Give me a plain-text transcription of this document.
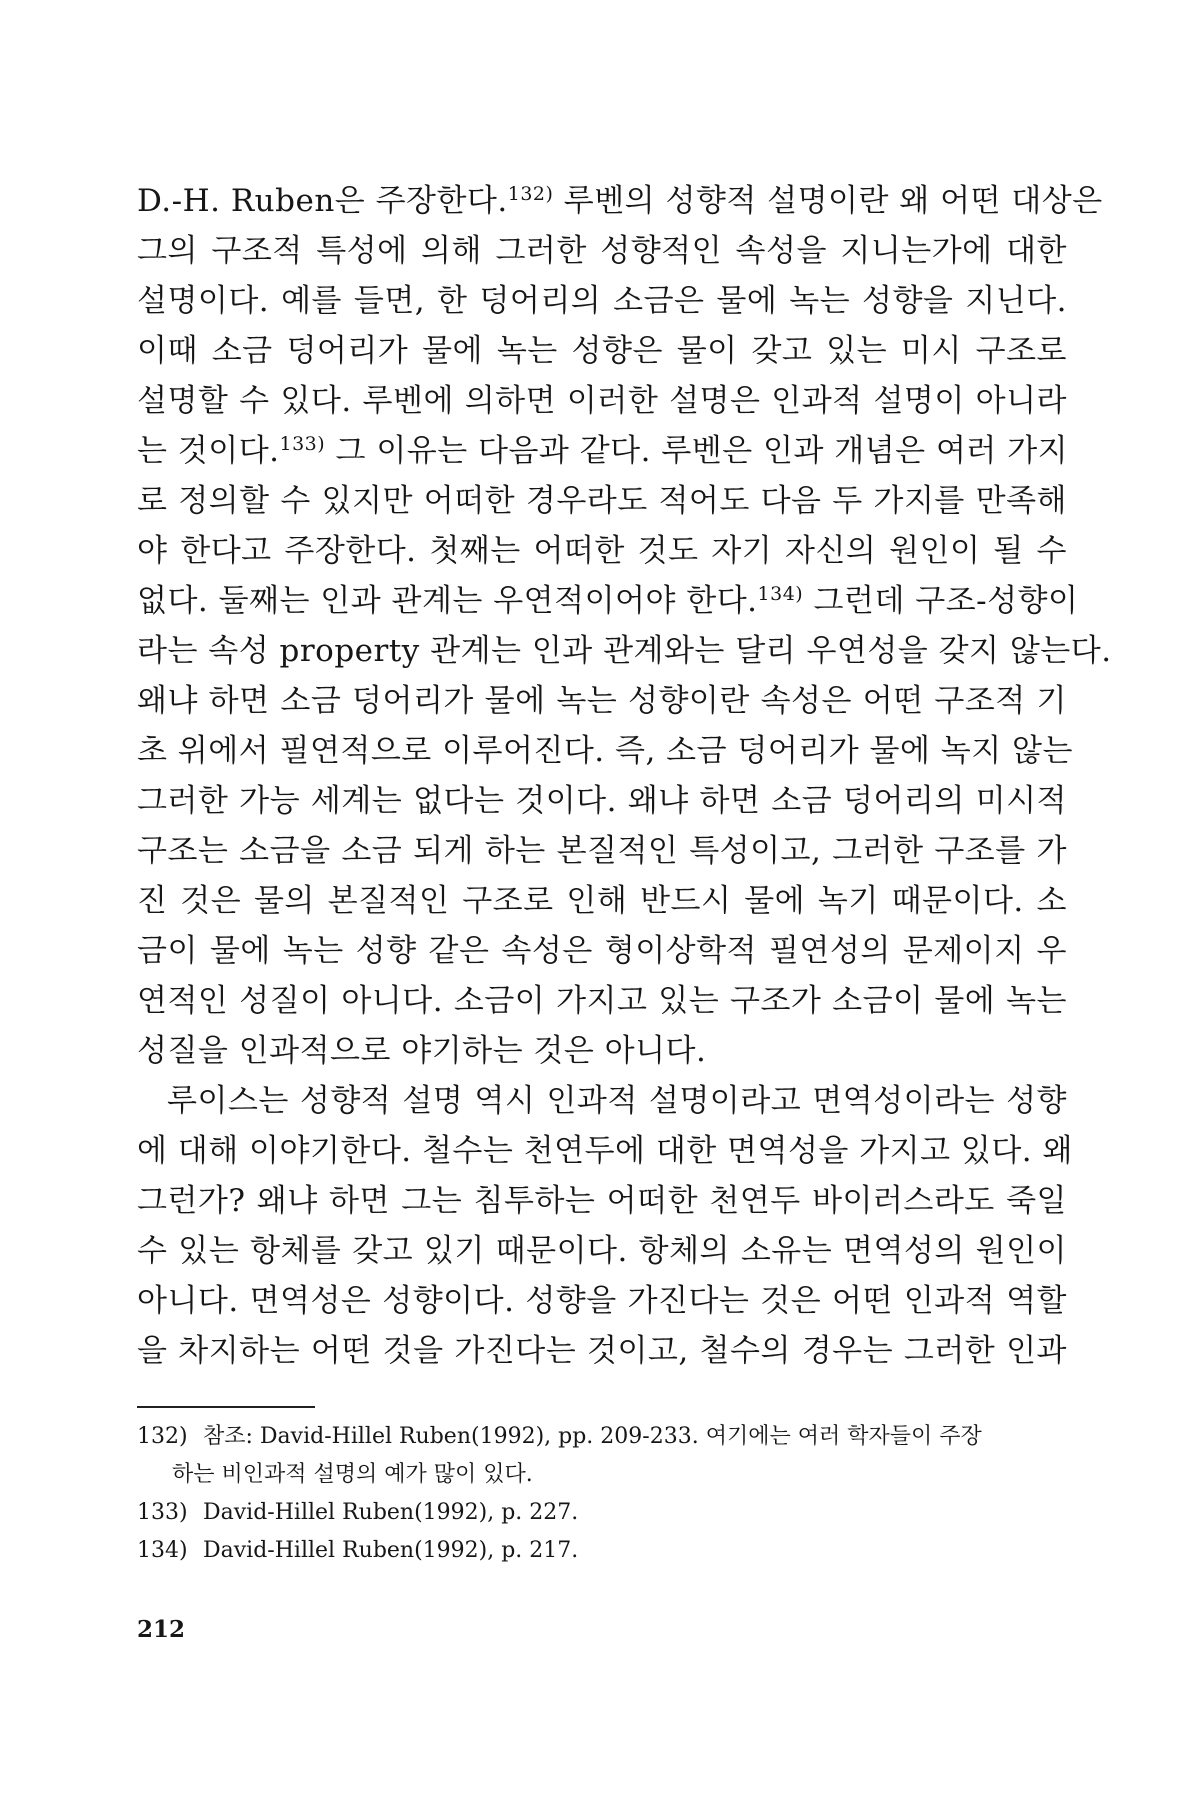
D.-H. Ruben은 주장한다.$^{132)}$ 루벤의 성향적 설명이란 왜 어떤 대상은
그의 구조적 특성에 의해 그러한 성향적인 속성을 지니는가에 대한
설명이다. 예를 들면, 한 덩어리의 소금은 물에 녹는 성향을 지닌다.
이때 소금 덩어리가 물에 녹는 성향은 물이 갖고 있는 미시 구조로
설명할 수 있다. 루벤에 의하면 이러한 설명은 인과적 설명이 아니라
는 것이다.$^{133)}$ 그 이유는 다음과 같다. 루벤은 인과 개념은 여러 가지
로 정의할 수 있지만 어떠한 경우라도 적어도 다음 두 가지를 만족해
야 한다고 주장한다. 첫째는 어떠한 것도 자기 자신의 원인이 될 수
없다. 둘째는 인과 관계는 우연적이어야 한다.$^{134)}$ 그런데 구조-성향이
라는 속성 property 관계는 인과 관계와는 달리 우연성을 갖지 않는다.
왜냐 하면 소금 덩어리가 물에 녹는 성향이란 속성은 어떤 구조적 기
초 위에서 필연적으로 이루어진다. 즉, 소금 덩어리가 물에 녹지 않는
그러한 가능 세계는 없다는 것이다. 왜냐 하면 소금 덩어리의 미시적
구조는 소금을 소금 되게 하는 본질적인 특성이고, 그러한 구조를 가
진 것은 물의 본질적인 구조로 인해 반드시 물에 녹기 때문이다. 소
금이 물에 녹는 성향 같은 속성은 형이상학적 필연성의 문제이지 우
연적인 성질이 아니다. 소금이 가지고 있는 구조가 소금이 물에 녹는
성질을 인과적으로 야기하는 것은 아니다.
루이스는 성향적 설명 역시 인과적 설명이라고 면역성이라는 성향
에 대해 이야기한다. 철수는 천연두에 대한 면역성을 가지고 있다. 왜
그런가? 왜냐 하면 그는 침투하는 어떠한 천연두 바이러스라도 죽일
수 있는 항체를 갖고 있기 때문이다. 항체의 소유는 면역성의 원인이
아니다. 면역성은 성향이다. 성향을 가진다는 것은 어떤 인과적 역할
을 차지하는 어떤 것을 가진다는 것이고, 철수의 경우는 그러한 인과
132) 참조: David-Hillel Ruben(1992), pp. 209-233. 여기에는 여러 학자들이 주장
하는 비인과적 설명의 예가 많이 있다.
133) David-Hillel Ruben(1992), p. 227.
134) David-Hillel Ruben(1992), p. 217.
212
